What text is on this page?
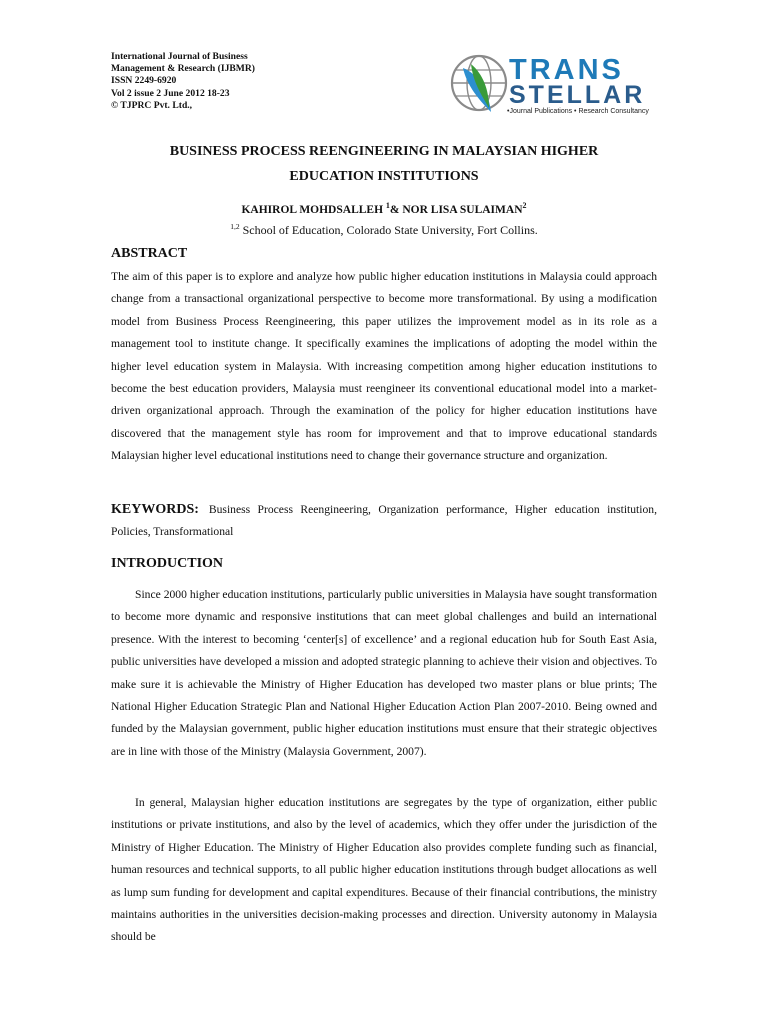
International Journal of Business
Management & Research (IJBMR)
ISSN 2249-6920
Vol 2 issue 2 June 2012 18-23
© TJPRC Pvt. Ltd.,
TRANS
STELLAR
•Journal Publications • Research Consultancy
BUSINESS PROCESS REENGINEERING IN MALAYSIAN HIGHER
EDUCATION INSTITUTIONS
KAHIROL MOHDSALLEH $^1$& NOR LISA SULAIMAN$^2$
$^{1,2}$ School of Education, Colorado State University, Fort Collins.
ABSTRACT

The aim of this paper is to explore and analyze how public higher education institutions in Malaysia could approach change from a transactional organizational perspective to become more transformational. By using a modification model from Business Process Reengineering, this paper utilizes the improvement model as in its role as a management tool to institute change. It specifically examines the implications of adopting the model within the higher level education system in Malaysia. With increasing competition among higher education institutions to become the best education providers, Malaysia must reengineer its conventional educational model into a market-driven organizational approach. Through the examination of the policy for higher education institutions have discovered that the management style has room for improvement and that to improve educational standards Malaysian higher level educational institutions need to change their governance structure and organization.

KEYWORDS: Business Process Reengineering, Organization performance, Higher education institution, Policies, Transformational
INTRODUCTION
Since 2000 higher education institutions, particularly public universities in Malaysia have sought transformation to become more dynamic and responsive institutions that can meet global challenges and build an international presence. With the interest to becoming ‘center[s] of excellence’ and a regional education hub for South East Asia, public universities have developed a mission and adopted strategic planning to achieve their vision and objectives. To make sure it is achievable the Ministry of Higher Education has developed two master plans or blue prints; The National Higher Education Strategic Plan and National Higher Education Action Plan 2007-2010. Being owned and funded by the Malaysian government, public higher education institutions must ensure that their strategic objectives are in line with those of the Ministry (Malaysia Government, 2007).
In general, Malaysian higher education institutions are segregates by the type of organization, either public institutions or private institutions, and also by the level of academics, which they offer under the jurisdiction of the Ministry of Higher Education. The Ministry of Higher Education also provides complete funding such as financial, human resources and technical supports, to all public higher education institutions through budget allocations as well as lump sum funding for development and capital expenditures. Because of their financial contributions, the ministry maintains authorities in the universities decision-making processes and direction. University autonomy in Malaysia should be
